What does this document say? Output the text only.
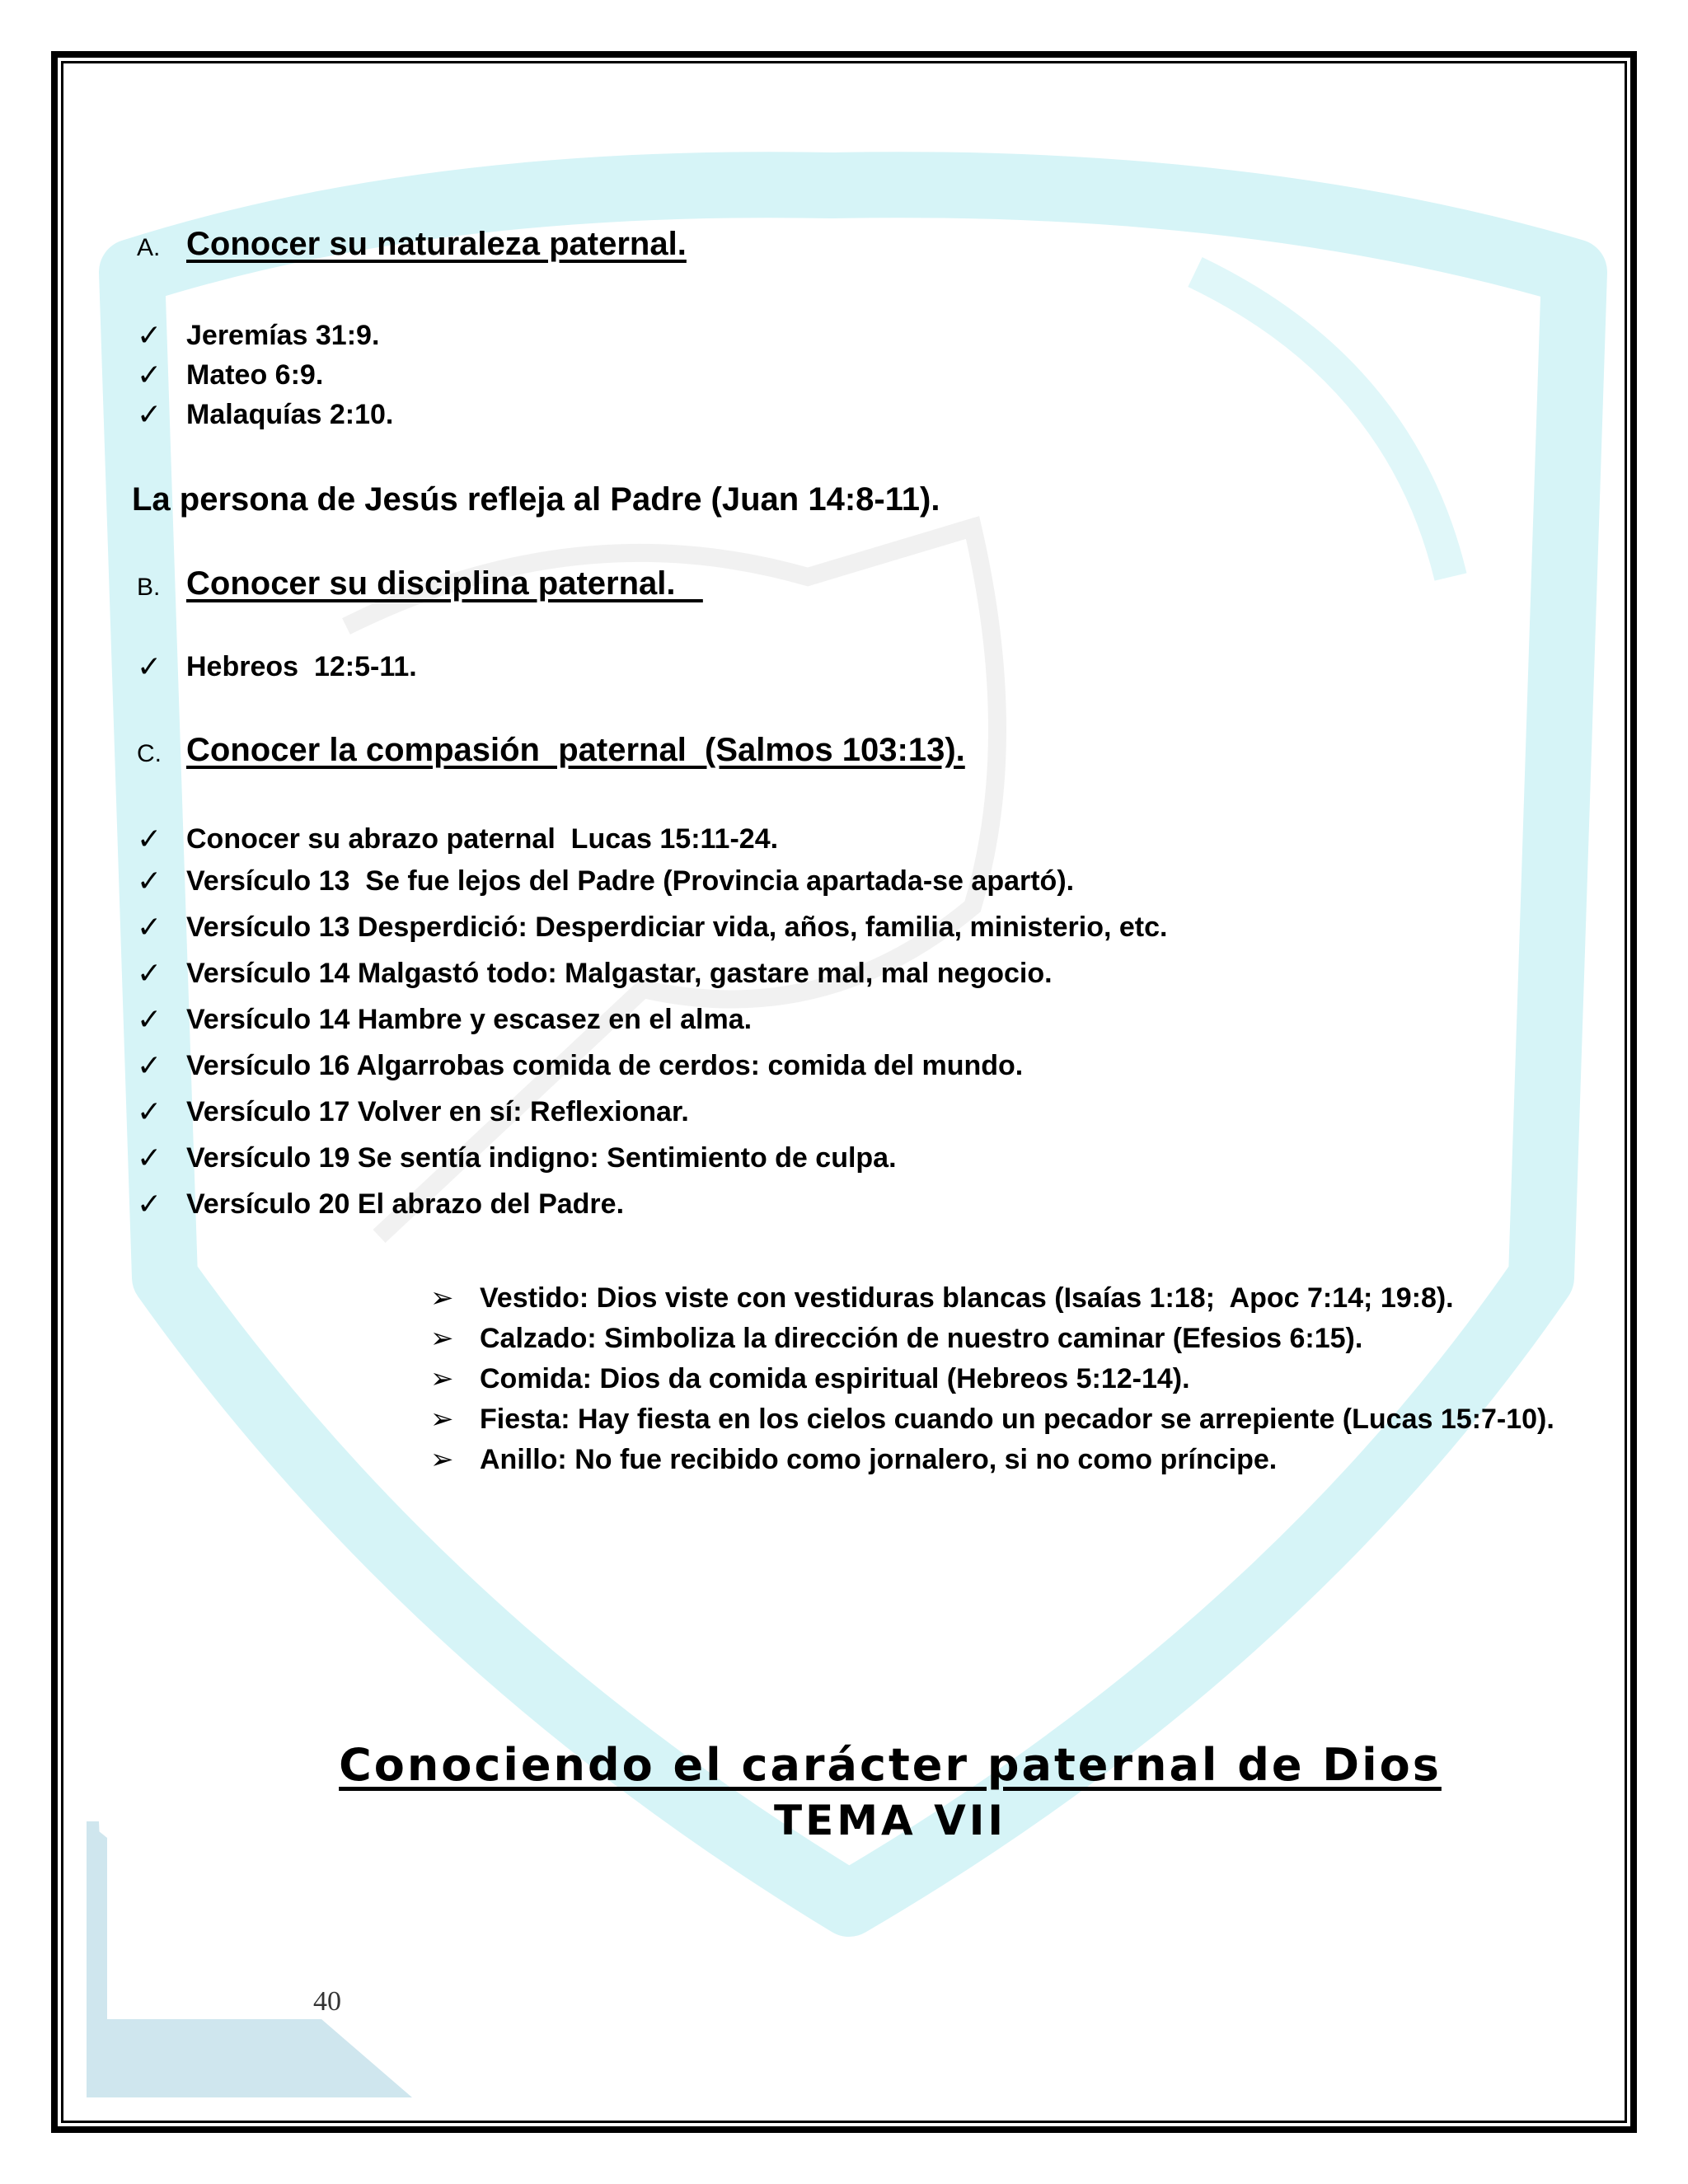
A. Conocer su naturaleza paternal.
✓ Jeremías 31:9.
✓ Mateo 6:9.
✓ Malaquías 2:10.
La persona de Jesús refleja al Padre (Juan 14:8-11).
B. Conocer su disciplina paternal.
✓ Hebreos  12:5-11.
C. Conocer la compasión  paternal  (Salmos 103:13).
✓ Conocer su abrazo paternal  Lucas 15:11-24.
✓ Versículo 13  Se fue lejos del Padre (Provincia apartada-se apartó).
✓ Versículo 13 Desperdició: Desperdiciar vida, años, familia, ministerio, etc.
✓ Versículo 14 Malgastó todo: Malgastar, gastare mal, mal negocio.
✓ Versículo 14 Hambre y escasez en el alma.
✓ Versículo 16 Algarrobas comida de cerdos: comida del mundo.
✓ Versículo 17 Volver en sí: Reflexionar.
✓ Versículo 19 Se sentía indigno: Sentimiento de culpa.
✓ Versículo 20 El abrazo del Padre.
➢ Vestido: Dios viste con vestiduras blancas (Isaías 1:18;  Apoc 7:14; 19:8).
➢ Calzado: Simboliza la dirección de nuestro caminar (Efesios 6:15).
➢ Comida: Dios da comida espiritual (Hebreos 5:12-14).
➢ Fiesta: Hay fiesta en los cielos cuando un pecador se arrepiente (Lucas 15:7-10).
➢ Anillo: No fue recibido como jornalero, si no como príncipe.
Conociendo el carácter paternal de Dios
TEMA VII
40
